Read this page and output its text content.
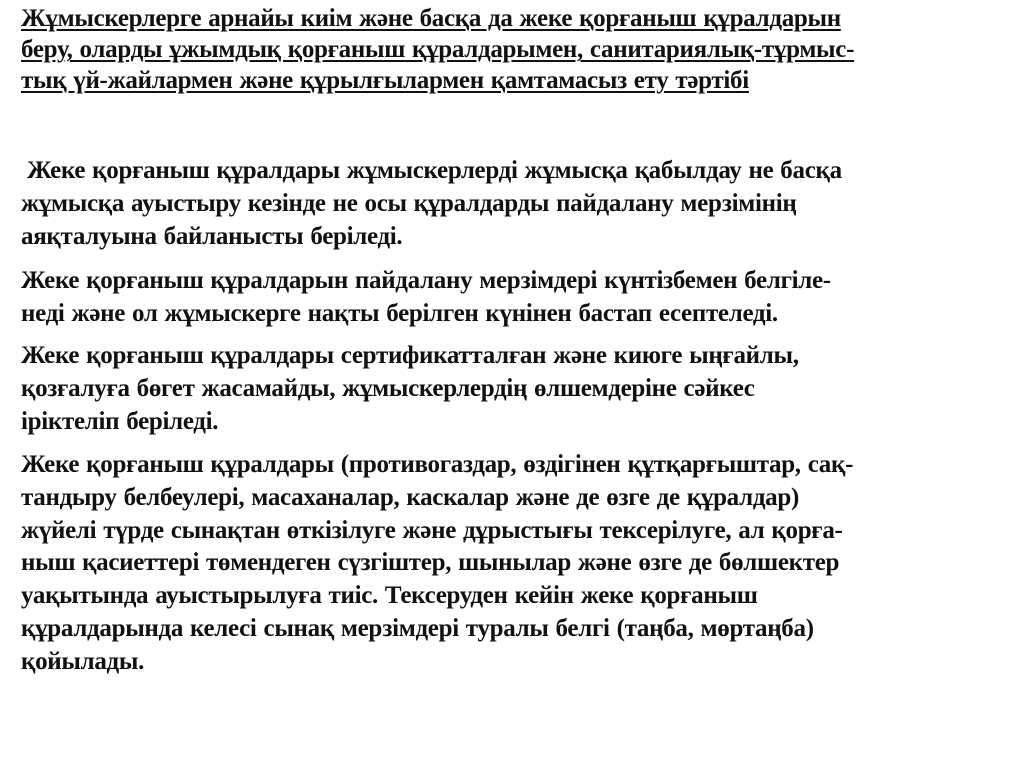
Жұмыскерлерге арнайы киім және басқа да жеке қорғаныш құралдарын
беру, оларды ұжымдық қорғаныш құралдарымен, санитариялық-тұрмыс-
тық үй-жайлармен және құрылғылармен қамтамасыз ету тәртібі

Жеке қорғаныш құралдары жұмыскерлерді жұмысқа қабылдау не басқа
жұмысқа ауыстыру кезінде не осы құралдарды пайдалану мерзімінің
аяқталуына байланысты беріледі.

Жеке қорғаныш құралдарын пайдалану мерзімдері күнтізбемен белгіле-
неді және ол жұмыскерге нақты берілген күнінен бастап есептеледі.

Жеке қорғаныш құралдары сертификатталған және киюге ыңғайлы,
қозғалуға бөгет жасамайды, жұмыскерлердің өлшемдеріне сәйкес
іріктеліп беріледі.

Жеке қорғаныш құралдары (противогаздар, өздігінен құтқарғыштар, сақ-
тандыру белбеулері, масаханалар, каскалар және де өзге де құралдар)
жүйелі түрде сынақтан өткізілуге және дұрыстығы тексерілуге, ал қорға-
ныш қасиеттері төмендеген сүзгіштер, шынылар және өзге де бөлшектер
уақытында ауыстырылуға тиіс. Тексеруден кейін жеке қорғаныш
құралдарында келесі сынақ мерзімдері туралы белгі (таңба, мөртаңба)
қойылады.
